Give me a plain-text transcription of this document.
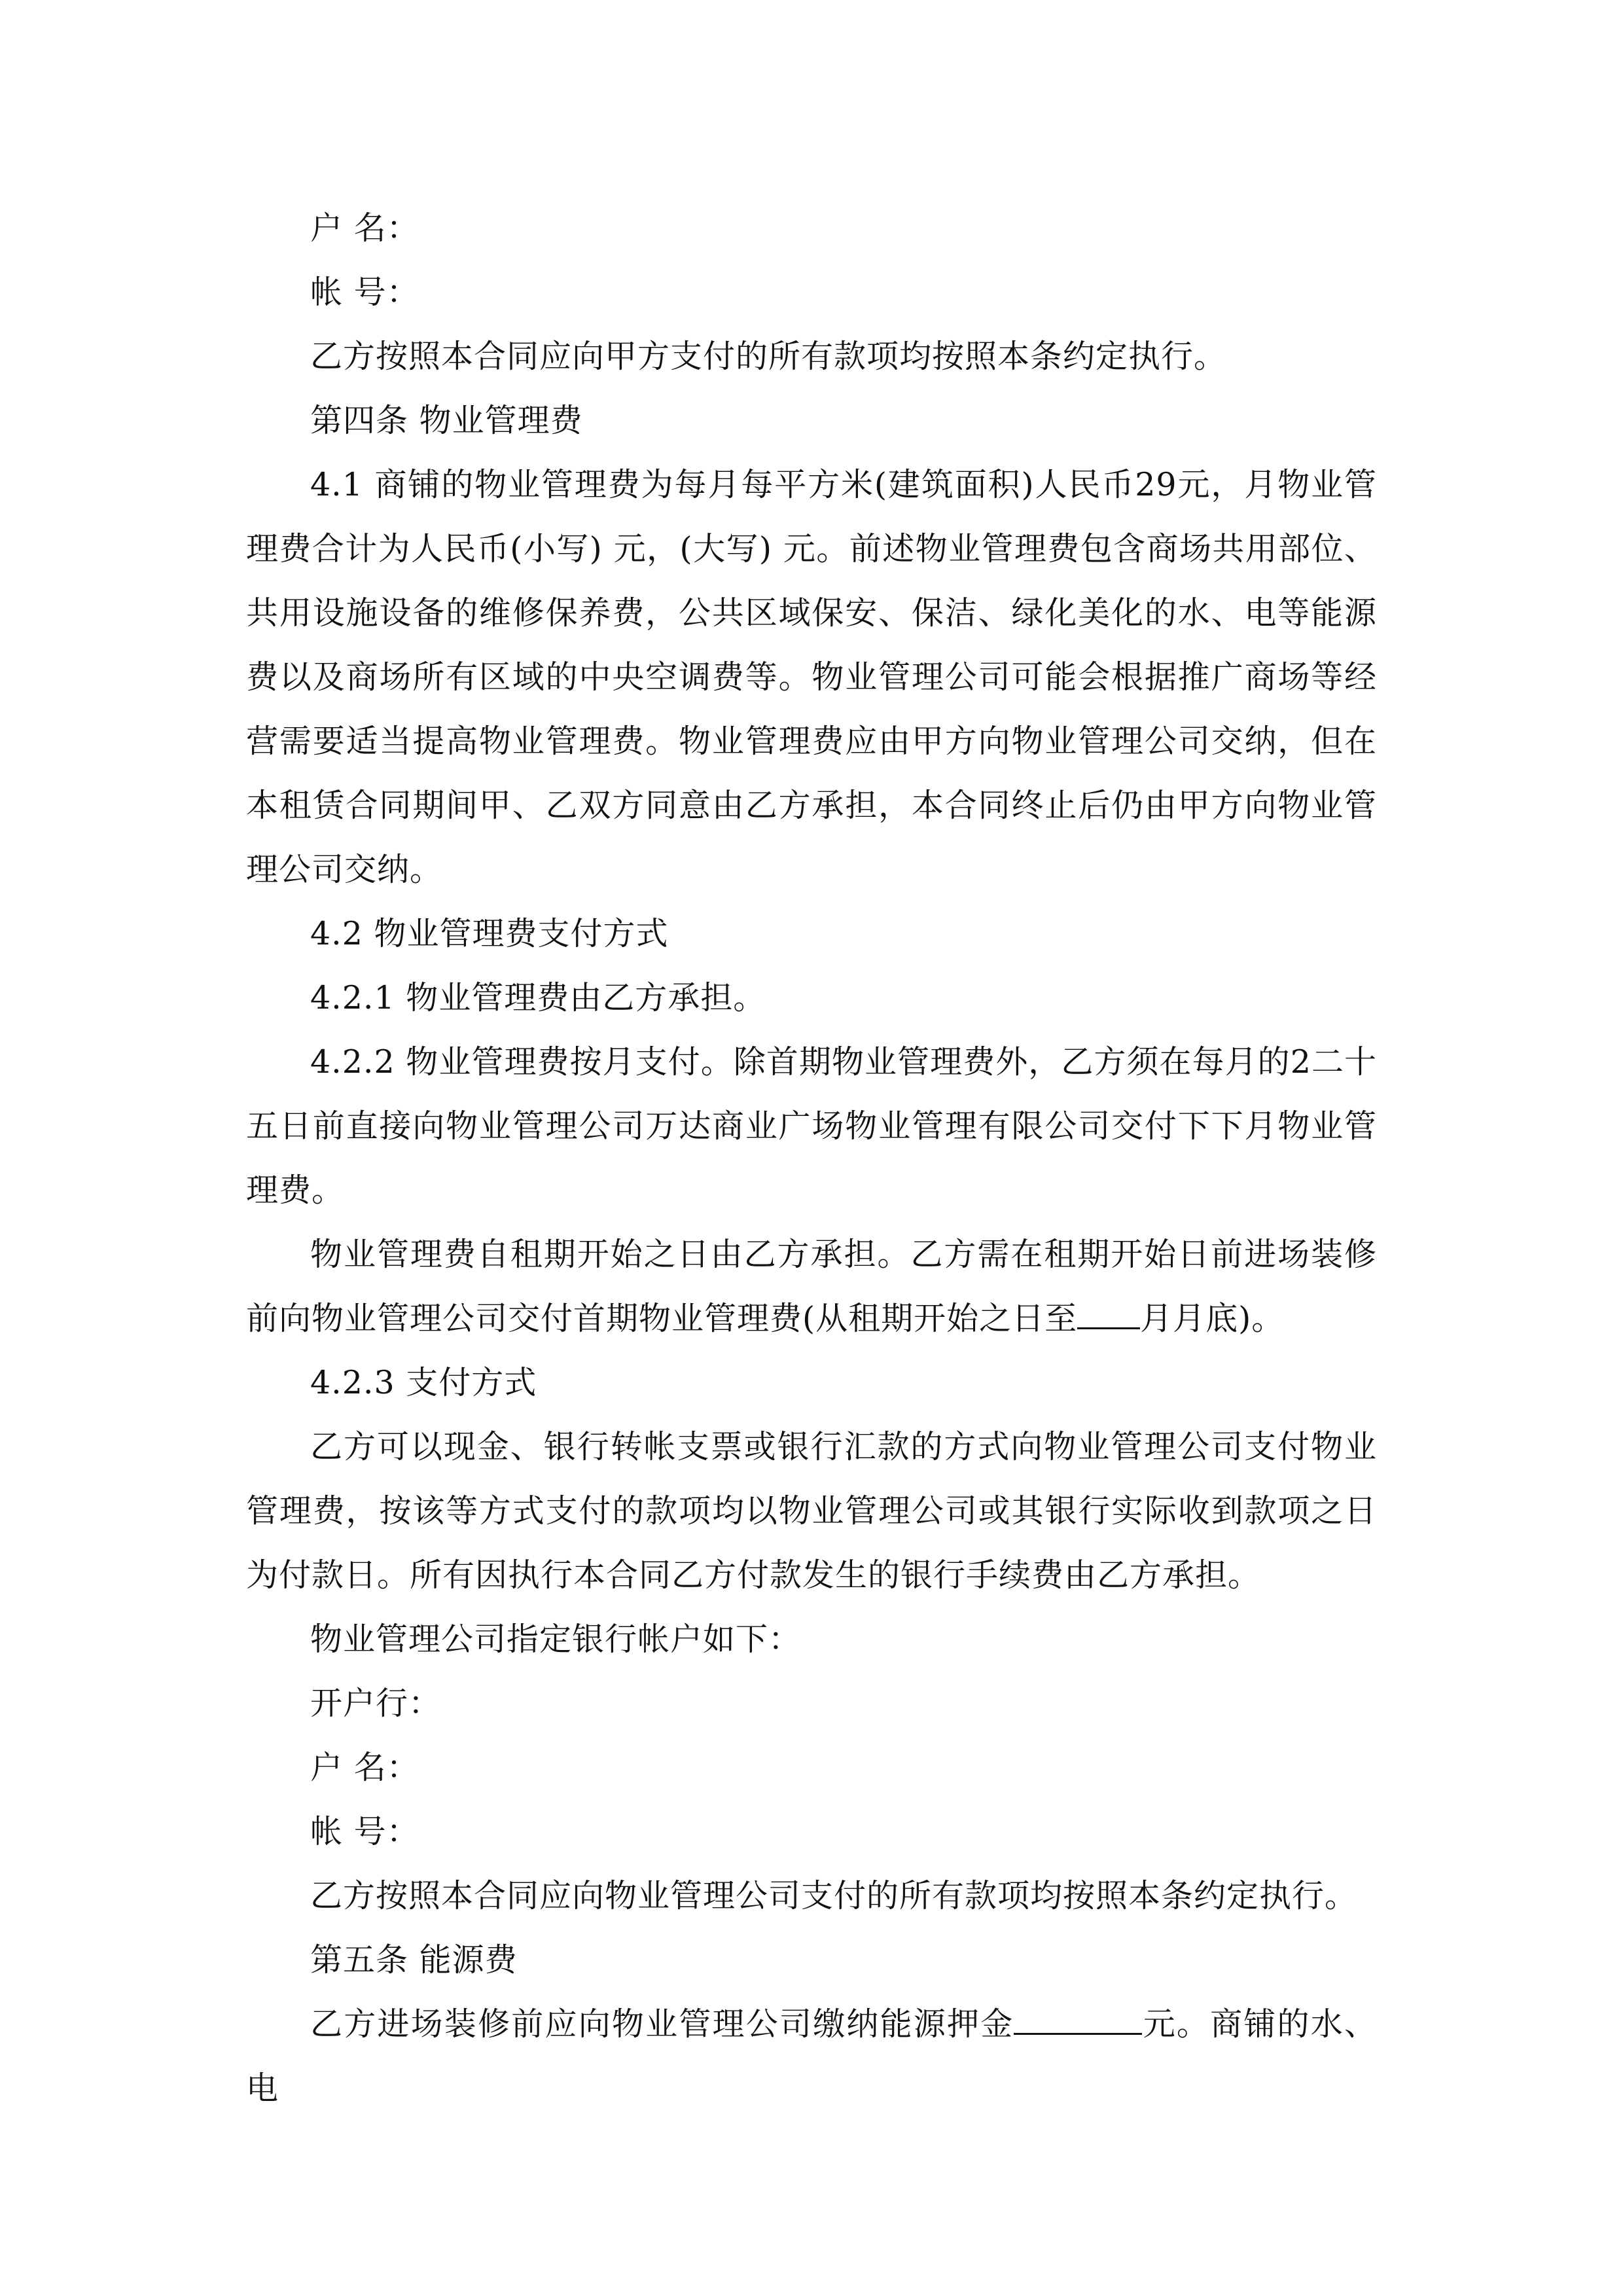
户 名：

帐 号：

乙方按照本合同应向甲方支付的所有款项均按照本条约定执行。

第四条 物业管理费

4.1 商铺的物业管理费为每月每平方米(建筑面积)人民币29元，月物业管理费合计为人民币(小写) 元，(大写) 元。前述物业管理费包含商场共用部位、共用设施设备的维修保养费，公共区域保安、保洁、绿化美化的水、电等能源费以及商场所有区域的中央空调费等。物业管理公司可能会根据推广商场等经营需要适当提高物业管理费。物业管理费应由甲方向物业管理公司交纳，但在本租赁合同期间甲、乙双方同意由乙方承担，本合同终止后仍由甲方向物业管理公司交纳。

4.2 物业管理费支付方式

4.2.1 物业管理费由乙方承担。

4.2.2 物业管理费按月支付。除首期物业管理费外，乙方须在每月的2二十五日前直接向物业管理公司万达商业广场物业管理有限公司交付下下月物业管理费。

物业管理费自租期开始之日由乙方承担。乙方需在租期开始日前进场装修前向物业管理公司交付首期物业管理费(从租期开始之日至 月月底)。

4.2.3 支付方式

乙方可以现金、银行转帐支票或银行汇款的方式向物业管理公司支付物业管理费，按该等方式支付的款项均以物业管理公司或其银行实际收到款项之日为付款日。所有因执行本合同乙方付款发生的银行手续费由乙方承担。

物业管理公司指定银行帐户如下：

开户行：

户 名：

帐 号：

乙方按照本合同应向物业管理公司支付的所有款项均按照本条约定执行。

第五条 能源费

乙方进场装修前应向物业管理公司缴纳能源押金	元。商铺的水、电
